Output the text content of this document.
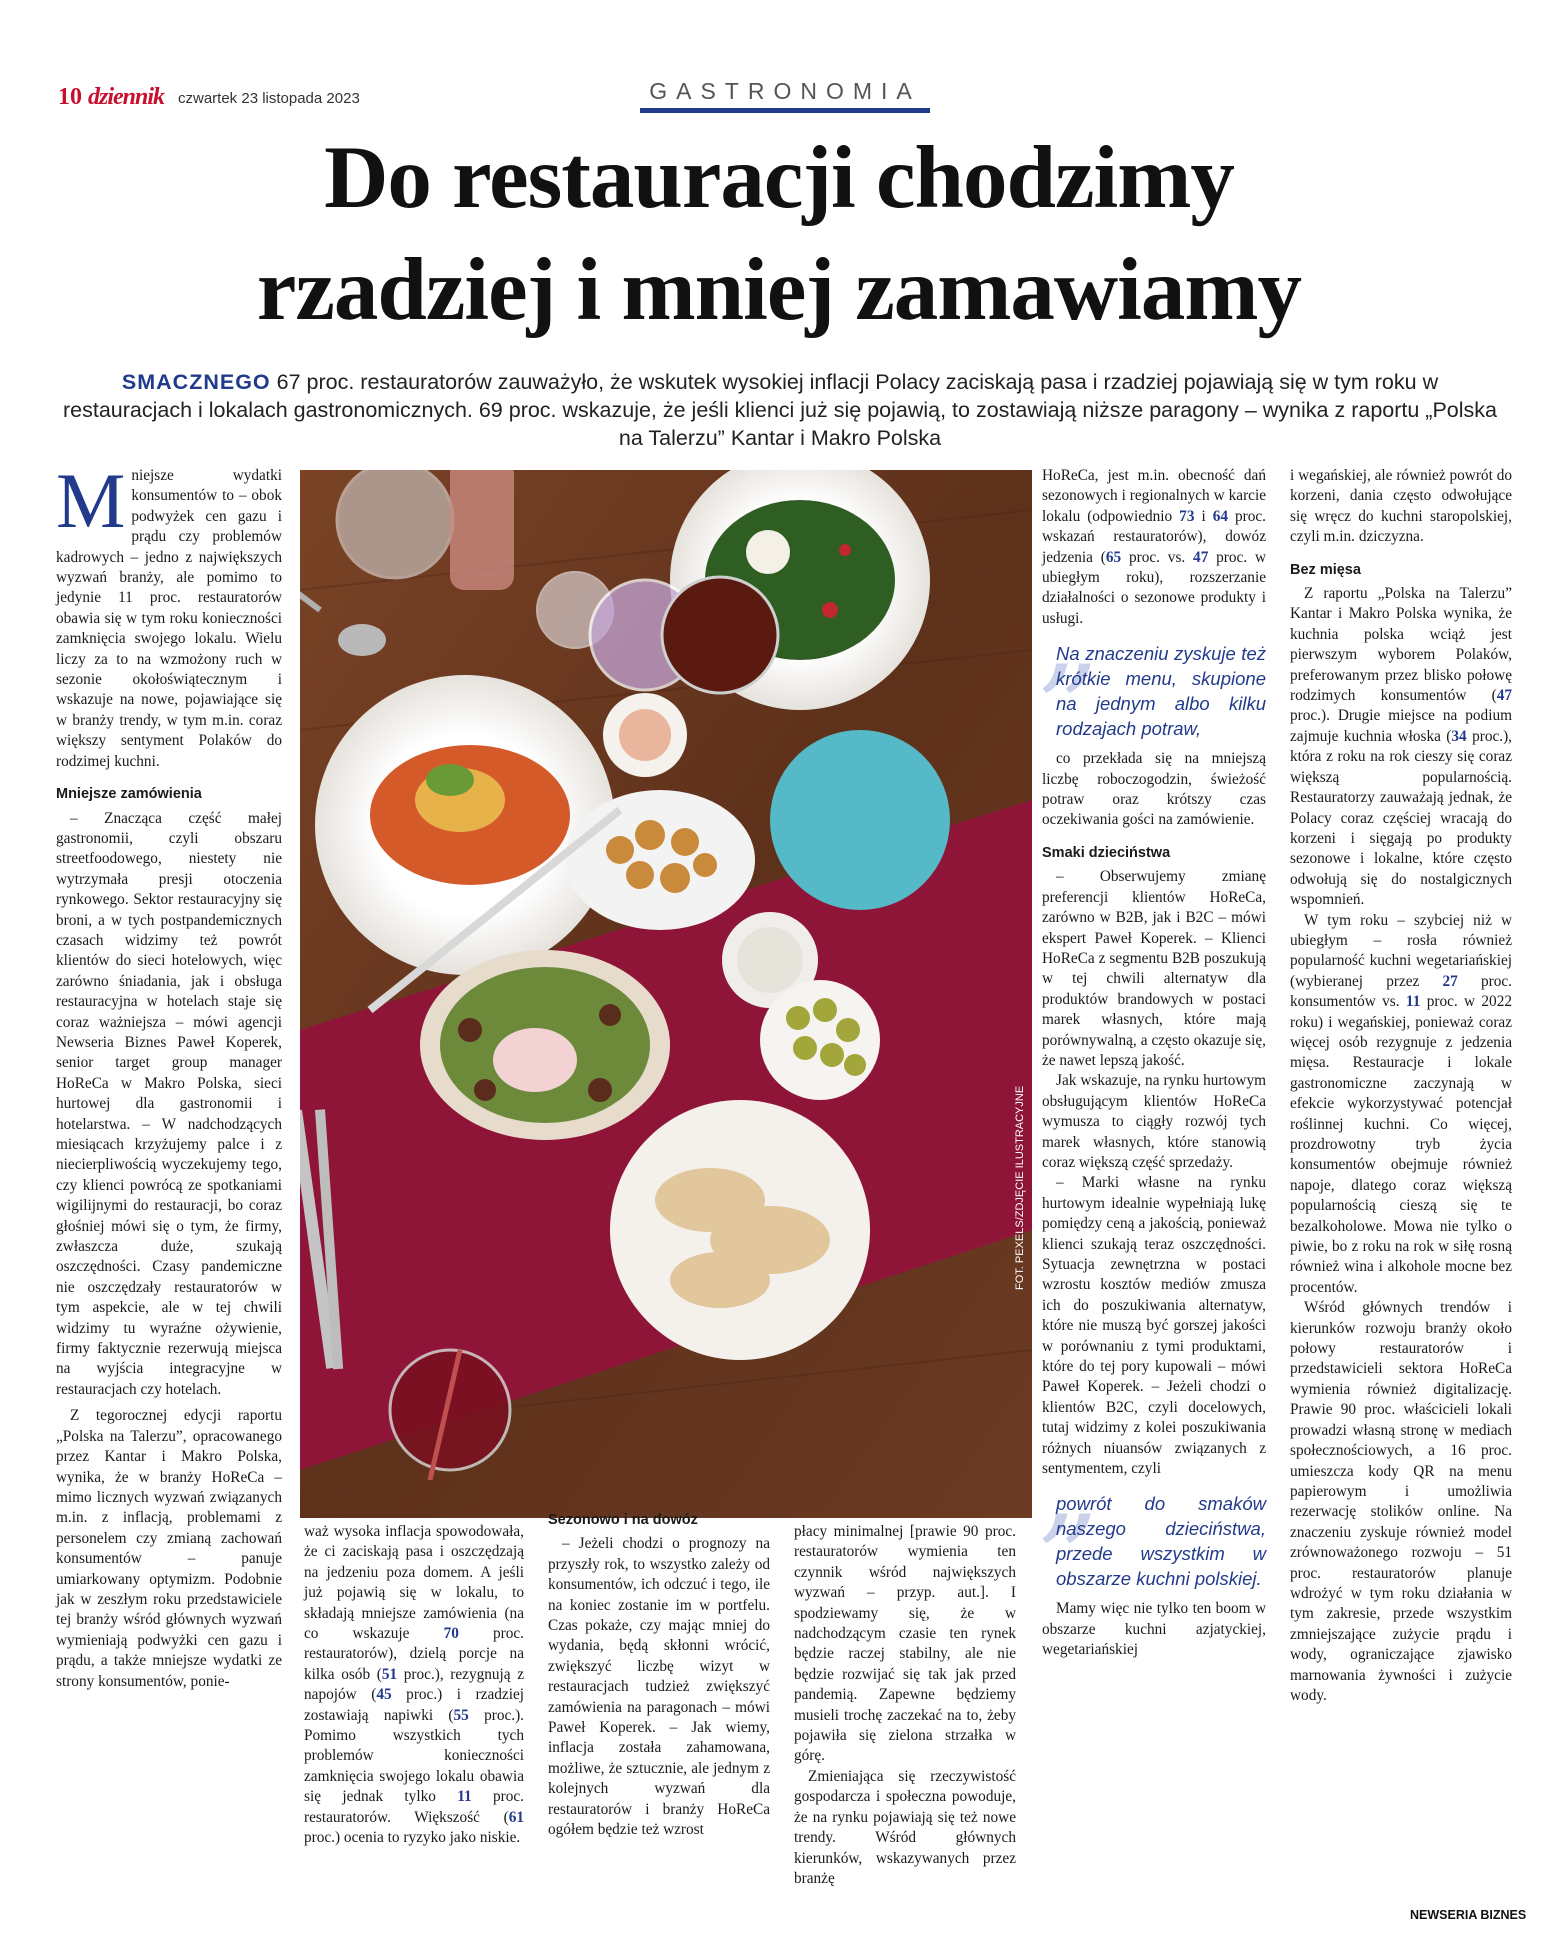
10 dziennik czwartek 23 listopada 2023	GASTRONOMIA
Do restauracji chodzimy
rzadziej i mniej zamawiamy
SMACZNEGO 67 proc. restauratorów zauważyło, że wskutek wysokiej inflacji Polacy zaciskają pasa i rzadziej pojawiają się w tym roku w restauracjach i lokalach gastronomicznych. 69 proc. wskazuje, że jeśli klienci już się pojawią, to zostawiają niższe paragony – wynika z raportu „Polska na Talerzu” Kantar i Makro Polska

Mniejsze wydatki konsumentów to – obok podwyżek cen gazu i prądu czy problemów kadrowych – jedno z największych wyzwań branży, ale pomimo to jedynie 11 proc. restauratorów obawia się w tym roku konieczności zamknięcia swojego lokalu. Wielu liczy za to na wzmożony ruch w sezonie okołoświątecznym i wskazuje na nowe, pojawiające się w branży trendy, w tym m.in. coraz większy sentyment Polaków do rodzimej kuchni.

Mniejsze zamówienia

– Znacząca część małej gastronomii, czyli obszaru streetfoodowego, niestety nie wytrzymała presji otoczenia rynkowego. Sektor restauracyjny się broni, a w tych postpandemicznych czasach widzimy też powrót klientów do sieci hotelowych, więc zarówno śniadania, jak i obsługa restauracyjna w hotelach staje się coraz ważniejsza – mówi agencji Newseria Biznes Paweł Koperek, senior target group manager HoReCa w Makro Polska, sieci hurtowej dla gastronomii i hotelarstwa. – W nadchodzących miesiącach krzyżujemy palce i z niecierpliwością wyczekujemy tego, czy klienci powrócą ze spotkaniami wigilijnymi do restauracji, bo coraz głośniej mówi się o tym, że firmy, zwłaszcza duże, szukają oszczędności. Czasy pandemiczne nie oszczędzały restauratorów w tym aspekcie, ale w tej chwili widzimy tu wyraźne ożywienie, firmy faktycznie rezerwują miejsca na wyjścia integracyjne w restauracjach czy hotelach.

Z tegorocznej edycji raportu „Polska na Talerzu”, opracowanego przez Kantar i Makro Polska, wynika, że w branży HoReCa – mimo licznych wyzwań związanych m.in. z inflacją, problemami z personelem czy zmianą zachowań konsumentów – panuje umiarkowany optymizm. Podobnie jak w zeszłym roku przedstawiciele tej branży wśród głównych wyzwań wymieniają podwyżki cen gazu i prądu, a także mniejsze wydatki ze strony konsumentów, ponie-

FOT. PEXELS/ZDJĘCIE ILUSTRACYJNE

waż wysoka inflacja spowodowała, że ci zaciskają pasa i oszczędzają na jedzeniu poza domem. A jeśli już pojawią się w lokalu, to składają mniejsze zamówienia (na co wskazuje 70 proc. restauratorów), dzielą porcje na kilka osób (51 proc.), rezygnują z napojów (45 proc.) i rzadziej zostawiają napiwki (55 proc.). Pomimo wszystkich tych problemów konieczności zamknięcia swojego lokalu obawia się jednak tylko 11 proc. restauratorów. Większość (61 proc.) ocenia to ryzyko jako niskie.

Sezonowo i na dowóz

– Jeżeli chodzi o prognozy na przyszły rok, to wszystko zależy od konsumentów, ich odczuć i tego, ile na koniec zostanie im w portfelu. Czas pokaże, czy mając mniej do wydania, będą skłonni wrócić, zwiększyć liczbę wizyt w restauracjach tudzież zwiększyć zamówienia na paragonach – mówi Paweł Koperek. – Jak wiemy, inflacja została zahamowana, możliwe, że sztucznie, ale jednym z kolejnych wyzwań dla restauratorów i branży HoReCa ogółem będzie też wzrost

płacy minimalnej [prawie 90 proc. restauratorów wymienia ten czynnik wśród największych wyzwań – przyp. aut.]. I spodziewamy się, że w nadchodzącym czasie ten rynek będzie raczej stabilny, ale nie będzie rozwijać się tak jak przed pandemią. Zapewne będziemy musieli trochę zaczekać na to, żeby pojawiła się zielona strzałka w górę.

Zmieniająca się rzeczywistość gospodarcza i społeczna powoduje, że na rynku pojawiają się też nowe trendy. Wśród głównych kierunków, wskazywanych przez branżę

HoReCa, jest m.in. obecność dań sezonowych i regionalnych w karcie lokalu (odpowiednio 73 i 64 proc. wskazań restauratorów), dowóz jedzenia (65 proc. vs. 47 proc. w ubiegłym roku), rozszerzanie działalności o sezonowe produkty i usługi.

”
Na znaczeniu zyskuje też krótkie menu, skupione na jednym albo kilku rodzajach potraw,

co przekłada się na mniejszą liczbę roboczogodzin, świeżość potraw oraz krótszy czas oczekiwania gości na zamówienie.

Smaki dzieciństwa

– Obserwujemy zmianę preferencji klientów HoReCa, zarówno w B2B, jak i B2C – mówi ekspert Paweł Koperek. – Klienci HoReCa z segmentu B2B poszukują w tej chwili alternatyw dla produktów brandowych w postaci marek własnych, które mają porównywalną, a często okazuje się, że nawet lepszą jakość.

Jak wskazuje, na rynku hurtowym obsługującym klientów HoReCa wymusza to ciągły rozwój tych marek własnych, które stanowią coraz większą część sprzedaży.

– Marki własne na rynku hurtowym idealnie wypełniają lukę pomiędzy ceną a jakością, ponieważ klienci szukają teraz oszczędności. Sytuacja zewnętrzna w postaci wzrostu kosztów mediów zmusza ich do poszukiwania alternatyw, które nie muszą być gorszej jakości w porównaniu z tymi produktami, które do tej pory kupowali – mówi Paweł Koperek. – Jeżeli chodzi o klientów B2C, czyli docelowych, tutaj widzimy z kolei poszukiwania różnych niuansów związanych z sentymentem, czyli

”
powrót do smaków naszego dzieciństwa, przede wszystkim w obszarze kuchni polskiej.

Mamy więc nie tylko ten boom w obszarze kuchni azjatyckiej, wegetariańskiej

i wegańskiej, ale również powrót do korzeni, dania często odwołujące się wręcz do kuchni staropolskiej, czyli m.in. dziczyzna.

Bez mięsa

Z raportu „Polska na Talerzu” Kantar i Makro Polska wynika, że kuchnia polska wciąż jest pierwszym wyborem Polaków, preferowanym przez blisko połowę rodzimych konsumentów (47 proc.). Drugie miejsce na podium zajmuje kuchnia włoska (34 proc.), która z roku na rok cieszy się coraz większą popularnością. Restauratorzy zauważają jednak, że Polacy coraz częściej wracają do korzeni i sięgają po produkty sezonowe i lokalne, które często odwołują się do nostalgicznych wspomnień.

W tym roku – szybciej niż w ubiegłym – rosła również popularność kuchni wegetariańskiej (wybieranej przez 27 proc. konsumentów vs. 11 proc. w 2022 roku) i wegańskiej, ponieważ coraz więcej osób rezygnuje z jedzenia mięsa. Restauracje i lokale gastronomiczne zaczynają w efekcie wykorzystywać potencjał roślinnej kuchni. Co więcej, prozdrowotny tryb życia konsumentów obejmuje również napoje, dlatego coraz większą popularnością cieszą się te bezalkoholowe. Mowa nie tylko o piwie, bo z roku na rok w siłę rosną również wina i alkohole mocne bez procentów.

Wśród głównych trendów i kierunków rozwoju branży około połowy restauratorów i przedstawicieli sektora HoReCa wymienia również digitalizację. Prawie 90 proc. właścicieli lokali prowadzi własną stronę w mediach społecznościowych, a 16 proc. umieszcza kody QR na menu papierowym i umożliwia rezerwację stolików online. Na znaczeniu zyskuje również model zrównoważonego rozwoju – 51 proc. restauratorów planuje wdrożyć w tym roku działania w tym zakresie, przede wszystkim zmniejszające zużycie prądu i wody, ograniczające zjawisko marnowania żywności i zużycie wody.

NEWSERIA BIZNES
